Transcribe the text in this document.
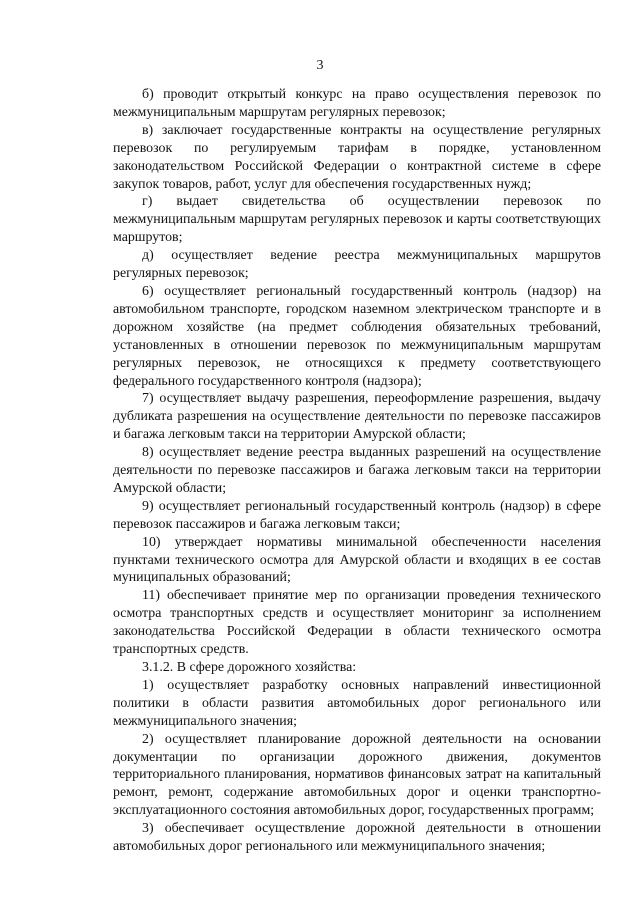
3

б) проводит открытый конкурс на право осуществления перевозок по межмуниципальным маршрутам регулярных перевозок;

в) заключает государственные контракты на осуществление регулярных перевозок по регулируемым тарифам в порядке, установленном законодательством Российской Федерации о контрактной системе в сфере закупок товаров, работ, услуг для обеспечения государственных нужд;

г) выдает свидетельства об осуществлении перевозок по межмуниципальным маршрутам регулярных перевозок и карты соответствующих маршрутов;

д) осуществляет ведение реестра межмуниципальных маршрутов регулярных перевозок;

6) осуществляет региональный государственный контроль (надзор) на автомобильном транспорте, городском наземном электрическом транспорте и в дорожном хозяйстве (на предмет соблюдения обязательных требований, установленных в отношении перевозок по межмуниципальным маршрутам регулярных перевозок, не относящихся к предмету соответствующего федерального государственного контроля (надзора);

7) осуществляет выдачу разрешения, переоформление разрешения, выдачу дубликата разрешения на осуществление деятельности по перевозке пассажиров и багажа легковым такси на территории Амурской области;

8) осуществляет ведение реестра выданных разрешений на осуществление деятельности по перевозке пассажиров и багажа легковым такси на территории Амурской области;

9) осуществляет региональный государственный контроль (надзор) в сфере перевозок пассажиров и багажа легковым такси;

10) утверждает нормативы минимальной обеспеченности населения пунктами технического осмотра для Амурской области и входящих в ее состав муниципальных образований;

11) обеспечивает принятие мер по организации проведения технического осмотра транспортных средств и осуществляет мониторинг за исполнением законодательства Российской Федерации в области технического осмотра транспортных средств.

3.1.2. В сфере дорожного хозяйства:

1) осуществляет разработку основных направлений инвестиционной политики в области развития автомобильных дорог регионального или межмуниципального значения;

2) осуществляет планирование дорожной деятельности на основании документации по организации дорожного движения, документов территориального планирования, нормативов финансовых затрат на капитальный ремонт, ремонт, содержание автомобильных дорог и оценки транспортно-эксплуатационного состояния автомобильных дорог, государственных программ;

3) обеспечивает осуществление дорожной деятельности в отношении автомобильных дорог регионального или межмуниципального значения;
